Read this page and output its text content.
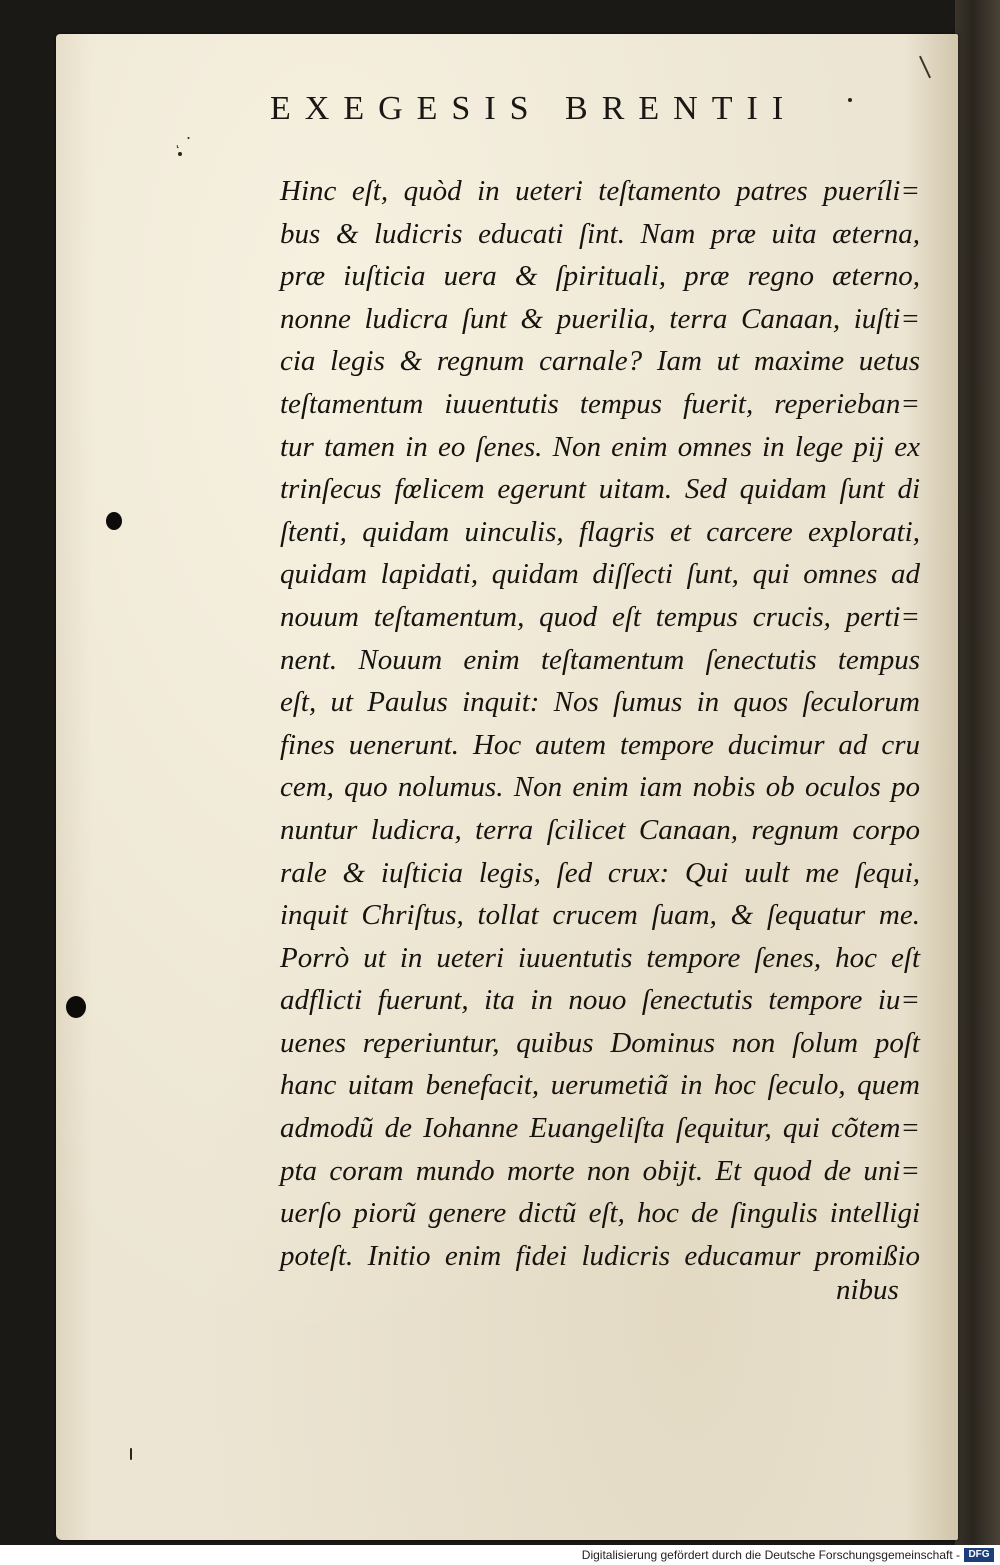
ͺ ·
EXEGESIS BRENTII
Hinc eſt, quòd in ueteri teſtamento patres pueríli=
bus & ludicris educati ſint. Nam præ uita æterna,
præ iuſticia uera & ſpirituali, præ regno æterno,
nonne ludicra ſunt & puerilia, terra Canaan, iuſti=
cia legis & regnum carnale? Iam ut maxime uetus
teſtamentum iuuentutis tempus fuerit, reperieban=
tur tamen in eo ſenes. Non enim omnes in lege pij ex
trinſecus fœlicem egerunt uitam. Sed quidam ſunt di
ſtenti, quidam uinculis, flagris et carcere explorati,
quidam lapidati, quidam diſſecti ſunt, qui omnes ad
nouum teſtamentum, quod eſt tempus crucis, perti=
nent. Nouum enim teſtamentum ſenectutis tempus
eſt, ut Paulus inquit: Nos ſumus in quos ſeculorum
fines uenerunt. Hoc autem tempore ducimur ad cru
cem, quo nolumus. Non enim iam nobis ob oculos po
nuntur ludicra, terra ſcilicet Canaan, regnum corpo
rale & iuſticia legis, ſed crux: Qui uult me ſequi,
inquit Chriſtus, tollat crucem ſuam, & ſequatur me.
Porrò ut in ueteri iuuentutis tempore ſenes, hoc eſt
adflicti fuerunt, ita in nouo ſenectutis tempore iu=
uenes reperiuntur, quibus Dominus non ſolum poſt
hanc uitam benefacit, uerumetiã in hoc ſeculo, quem
admodũ de Iohanne Euangeliſta ſequitur, qui cõtem=
pta coram mundo morte non obijt. Et quod de uni=
uerſo piorũ genere dictũ eſt, hoc de ſingulis intelligi
poteſt. Initio enim fidei ludicris educamur promißio
nibus
Digitalisierung gefördert durch die Deutsche Forschungsgemeinschaft - DFG
